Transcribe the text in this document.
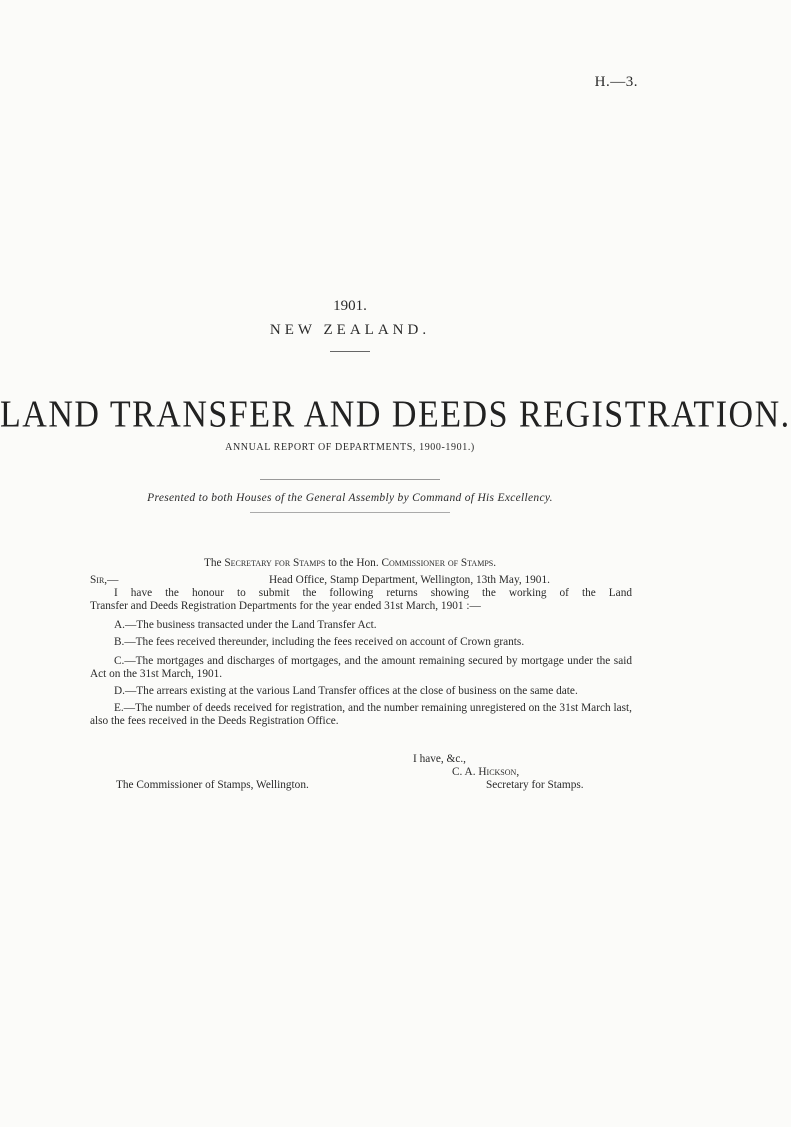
H.—3.
1901.
NEW ZEALAND.
LAND TRANSFER AND DEEDS REGISTRATION.
ANNUAL REPORT OF DEPARTMENTS, 1900-1901.)
Presented to both Houses of the General Assembly by Command of His Excellency.
The Secretary for Stamps to the Hon. Commissioner of Stamps.
Sir,—	Head Office, Stamp Department, Wellington, 13th May, 1901.
I have the honour to submit the following returns showing the working of the Land
Transfer and Deeds Registration Departments for the year ended 31st March, 1901 :—

A.—The business transacted under the Land Transfer Act.

B.—The fees received thereunder, including the fees received on account of Crown grants.

C.—The mortgages and discharges of mortgages, and the amount remaining secured by mortgage under the said Act on the 31st March, 1901.

D.—The arrears existing at the various Land Transfer offices at the close of business on the same date.

E.—The number of deeds received for registration, and the number remaining unregistered on the 31st March last, also the fees received in the Deeds Registration Office.

I have, &c.,
C. A. Hickson,
The Commissioner of Stamps, Wellington.	Secretary for Stamps.
